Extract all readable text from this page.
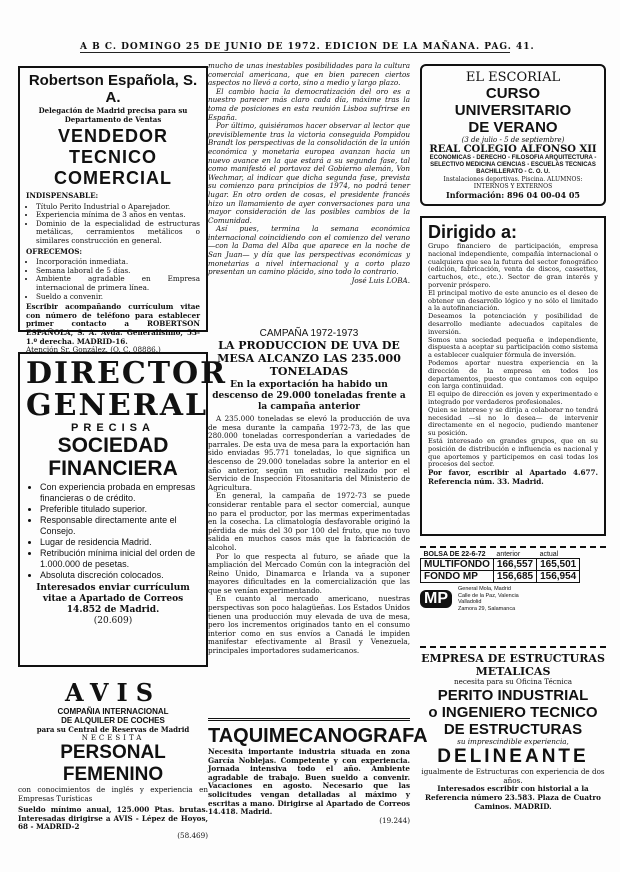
A B C. DOMINGO 25 DE JUNIO DE 1972. EDICION DE LA MAÑANA. PAG. 41.
Robertson Española, S. A.
Delegación de Madrid precisa para su Departamento de Ventas
VENDEDOR TECNICO
COMERCIAL
INDISPENSABLE:
• Título Perito Industrial o Aparejador.
• Experiencia mínima de 3 años en ventas.
• Dominio de la especialidad de estructuras metálicas, cerramientos metálicos o similares construcción en general.
OFRECEMOS:
• Incorporación inmediata.
• Semana laboral de 5 días.
• Ambiente agradable en Empresa internacional de primera línea.
• Sueldo a convenir.
Escribir acompañando currículum vitae con número de teléfono para establecer primer contacto a ROBERTSON ESPAÑOLA, S. A. Avda. Generalísimo, 53-1.º derecha. MADRID-16.
Atención Sr. González. (O. C. 08886.)
DIRECTOR
GENERAL
PRECISA
SOCIEDAD
FINANCIERA
• Con experiencia probada en empresas financieras o de crédito.
• Preferible titulado superior.
• Responsable directamente ante el Consejo.
• Lugar de residencia Madrid.
• Retribución mínima inicial del orden de 1.000.000 de pesetas.
• Absoluta discreción colocados.
Interesados enviar currículum vitae a Apartado de Correos 14.852 de Madrid.
(20.609)
AVIS
COMPAÑIA INTERNACIONAL
DE ALQUILER DE COCHES
para su Central de Reservas de Madrid
NECESITA
PERSONAL FEMENINO
con conocimientos de inglés y experiencia en Empresas Turísticas
Sueldo mínimo anual, 125.000 Ptas. brutas. Interesadas dirigirse a AVIS - Lépez de Hoyos, 68 - MADRID-2
(58.469)

mucho de unas inestables posibilidades para la cultura comercial americana, que en bien parecen ciertos aspectos no llevó a corto, sino a medio y largo plazo.

El cambio hacia la democratización del oro es a nuestro parecer más claro cada día, máxime tras la toma de posiciones en esta reunión Lisboa sufrirse en España.

Por último, quisiéramos hacer observar al lector que previsiblemente tras la victoria conseguida Pompidou Brandt los perspectivas de la consolidación de la unión económica y monetaria europea avanzan hacia un nuevo avance en la que estará a su segunda fase, tal como manifestó el portavoz del Gobierno alemán, Von Wechmar, al indicar que dicha segunda fase, prevista su comienzo para principios de 1974, no podrá tener lugar. En otro orden de cosas, el presidente francés hizo un llamamiento de ayer conversaciones para una mayor consideración de las posibles cambios de la Comunidad.

Así pues, termina la semana económica internacional coincidiendo con el comienzo del verano —con la Dama del Alba que aparece en la noche de San Juan— y día que las perspectivas económicas y monetarias a nivel internacional y a corto plazo presentan un camino plácido, sino todo lo contrario.

José Luis LOBA.
CAMPAÑA 1972-1973
LA PRODUCCION DE UVA DE MESA ALCANZO LAS 235.000 TONELADAS
En la exportación ha habido un descenso de 29.000 toneladas frente a la campaña anterior

A 235.000 toneladas se elevó la producción de uva de mesa durante la campaña 1972-73, de las que 280.000 toneladas corresponderían a variedades de parrales. De esta uva de mesa para la exportación han sido enviadas 95.771 toneladas, lo que significa un descenso de 29.000 toneladas sobre la anterior en el año anterior, según un estudio realizado por el Servicio de Inspección Fitosanitaria del Ministerio de Agricultura.

En general, la campaña de 1972-73 se puede considerar rentable para el sector comercial, aunque no para el productor, por las mermas experimentadas en la cosecha. La climatología desfavorable originó la pérdida de más del 30 por 100 del fruto, que no tuvo salida en muchos casos más que la fabricación de alcohol.

Por lo que respecta al futuro, se añade que la ampliación del Mercado Común con la integración del Reino Unido, Dinamarca e Irlanda va a suponer mayores dificultades en la comercialización que las que se venían experimentando.

En cuanto al mercado americano, nuestras perspectivas son poco halagüeñas. Los Estados Unidos tienen una producción muy elevada de uva de mesa, pero los incrementos originados tanto en el consumo interior como en sus envíos a Canadá le impiden manifestar efectivamente al Brasil y Venezuela, principales importadores sudamericanos.

TAQUIMECANOGRAFA
Necesita importante industria situada en zona García Noblejas. Competente y con experiencia. Jornada intensiva todo el año. Ambiente agradable de trabajo. Buen sueldo a convenir. Vacaciones en agosto. Necesario que las solicitudes vengan detalladas al máximo y escritas a mano. Dirigirse al Apartado de Correos 14.418. Madrid.
(19.244)
EL ESCORIAL
CURSO UNIVERSITARIO
DE VERANO
(3 de julio - 5 de septiembre)
REAL COLEGIO ALFONSO XII
ECONOMICAS - DERECHO - FILOSOFIA ARQUITECTURA - SELECTIVO MEDICINA CIENCIAS - ESCUELAS TECNICAS BACHILLERATO - C. O. U.
Instalaciones deportivas. Piscina. ALUMNOS: INTERNOS Y EXTERNOS
Información: 896 04 00-04 05
Dirigido a:

Grupo financiero de participación, empresa nacional independiente, compañía internacional o cualquiera que sea la futura del sector fonográfico (edición, fabricación, venta de discos, cassettes, cartuchos, etc., etc.). Sector de gran interés y porvenir próspero.

El principal motivo de este anuncio es el deseo de obtener un desarrollo lógico y no sólo el limitado a la autofinanciación.

Deseamos la potenciación y posibilidad de desarrollo mediante adecuados capitales de inversión.

Somos una sociedad pequeña e independiente, dispuesta a aceptar su participación como sistema a establecer cualquier fórmula de inversión.

Podemos aportar nuestra experiencia en la dirección de la empresa en todos los departamentos, puesto que contamos con equipo con larga continuidad.

El equipo de dirección es joven y experimentado e integrado por verdaderos profesionales.

Quien se interese y se dirija a colaborar no tendrá necesidad —si no lo desea— de intervenir directamente en el negocio, pudiendo mantener su posición.

Está interesado en grandes grupos, que en su posición de distribución e influencia es nacional y que aportemos y participemos en casi todas los procesos del sector.

Por favor, escribir al Apartado 4.677. Referencia núm. 33. Madrid.
BOLSA DE 22-6-72	anterior	actual
MULTIFONDO	166,557	165,501
FONDO MP	156,685	156,954
MP
General Mola, Madrid
Calle de la Paz, Valencia
Valladolid
Zamora 29, Salamanca
EMPRESA DE ESTRUCTURAS
METALICAS
necesita para su Oficina Técnica
PERITO INDUSTRIAL
o INGENIERO TECNICO
DE ESTRUCTURAS
su imprescindible experiencia,
DELINEANTE
igualmente de Estructuras con experiencia de dos años.
Interesados escribir con historial a la Referencia número 23.583. Plaza de Cuatro Caminos. MADRID.
